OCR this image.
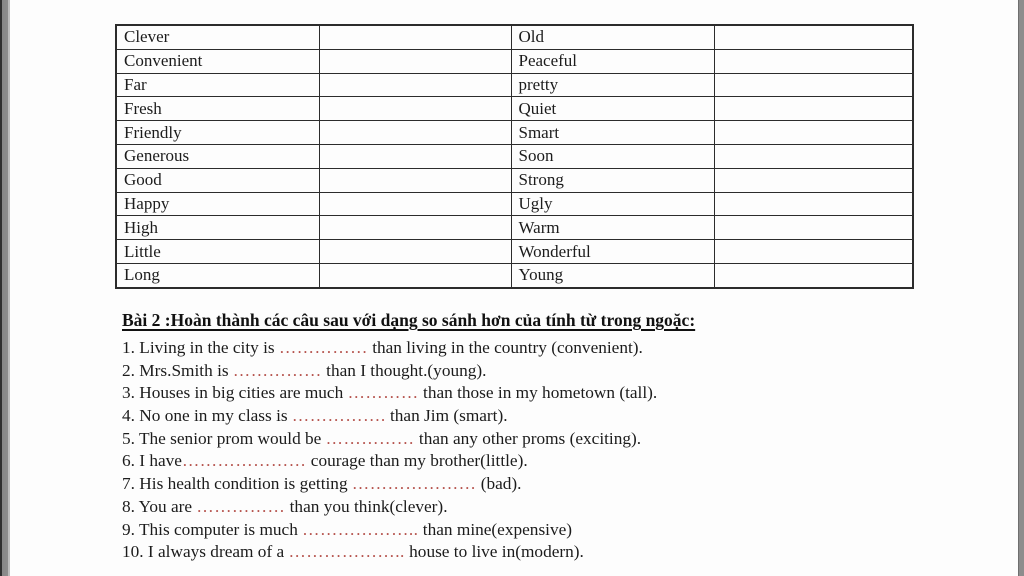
Clever		Old	
Convenient		Peaceful	
Far		pretty	
Fresh		Quiet	
Friendly		Smart	
Generous		Soon	
Good		Strong	
Happy		Ugly	
High		Warm	
Little		Wonderful	
Long		Young	
Bài 2 :Hoàn thành các câu sau với dạng so sánh hơn của tính từ trong ngoặc:
1. Living in the city is …………… than living in the country (convenient).
2. Mrs.Smith is …………… than I thought.(young).
3. Houses in big cities are much ………… than those in my hometown (tall).
4. No one in my class is ……………. than Jim (smart).
5. The senior prom would be …………… than any other proms (exciting).
6. I have………………… courage than my brother(little).
7. His health condition is getting ………………… (bad).
8. You are …………… than you think(clever).
9. This computer is much ……………….. than mine(expensive)
10. I always dream of a ……………….. house to live in(modern).
